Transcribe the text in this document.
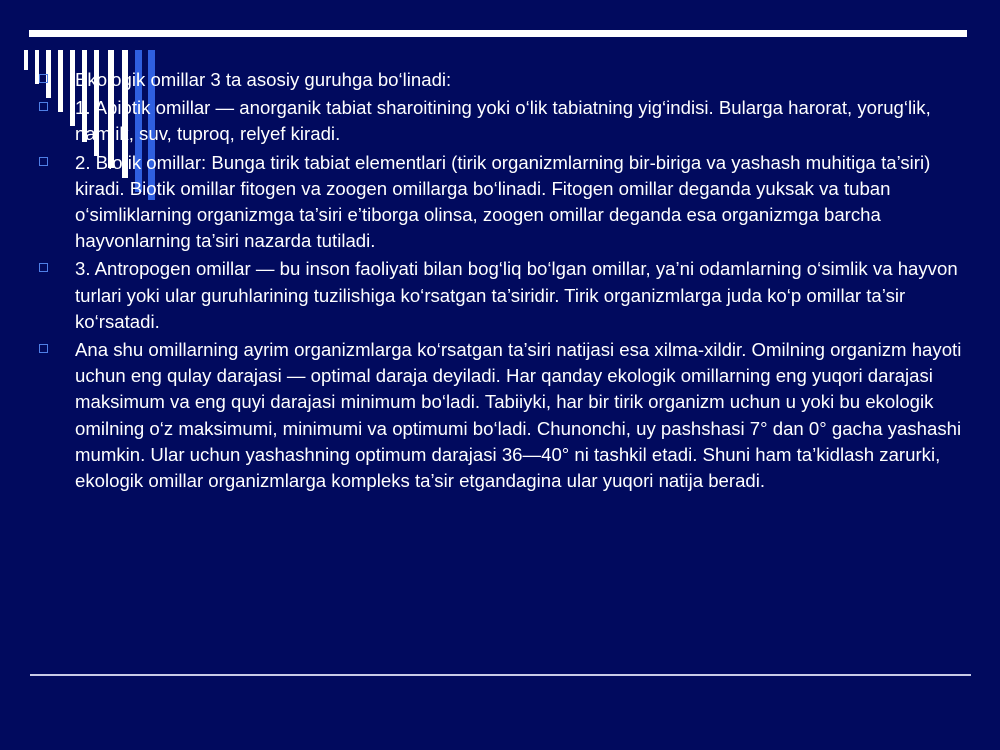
Ekologik omillar 3 ta asosiy guruhga bo‘linadi:
1. Abiotik omillar — anorganik tabiat sharoitining yoki o‘lik tabiatning yig‘indisi. Bularga harorat, yorug‘lik, namlik, suv, tuproq, relyef kiradi.
2. Biotik omillar: Bunga tirik tabiat elementlari (tirik organizmlarning bir-biriga va yashash muhitiga ta’siri) kiradi. Biotik omillar fitogen va zoogen omillarga bo‘linadi. Fitogen omillar deganda yuksak va tuban o‘simliklarning organizmga ta’siri e’tiborga olinsa, zoogen omillar deganda esa organizmga barcha hayvonlarning ta’siri nazarda tutiladi.
3. Antropogen omillar — bu inson faoliyati bilan bog‘liq bo‘lgan omillar, ya’ni odamlarning o‘simlik va hayvon turlari yoki ular guruhlarining tuzilishiga ko‘rsatgan ta’siridir. Tirik organizmlarga juda ko‘p omillar ta’sir ko‘rsatadi.
Ana shu omillarning ayrim organizmlarga ko‘rsatgan ta’siri natijasi esa xilma-xildir. Omilning organizm hayoti uchun eng qulay darajasi — optimal daraja deyiladi. Har qanday ekologik omillarning eng yuqori darajasi maksimum va eng quyi darajasi minimum bo‘ladi. Tabiiyki, har bir tirik organizm uchun u yoki bu ekologik omilning o‘z maksimumi, minimumi va optimumi bo‘ladi. Chunonchi, uy pashshasi 7° dan 0° gacha yashashi mumkin. Ular uchun yashashning optimum darajasi 36—40° ni tashkil etadi. Shuni ham ta’kidlash zarurki, ekologik omillar organizmlarga kompleks ta’sir etgandagina ular yuqori natija beradi.
